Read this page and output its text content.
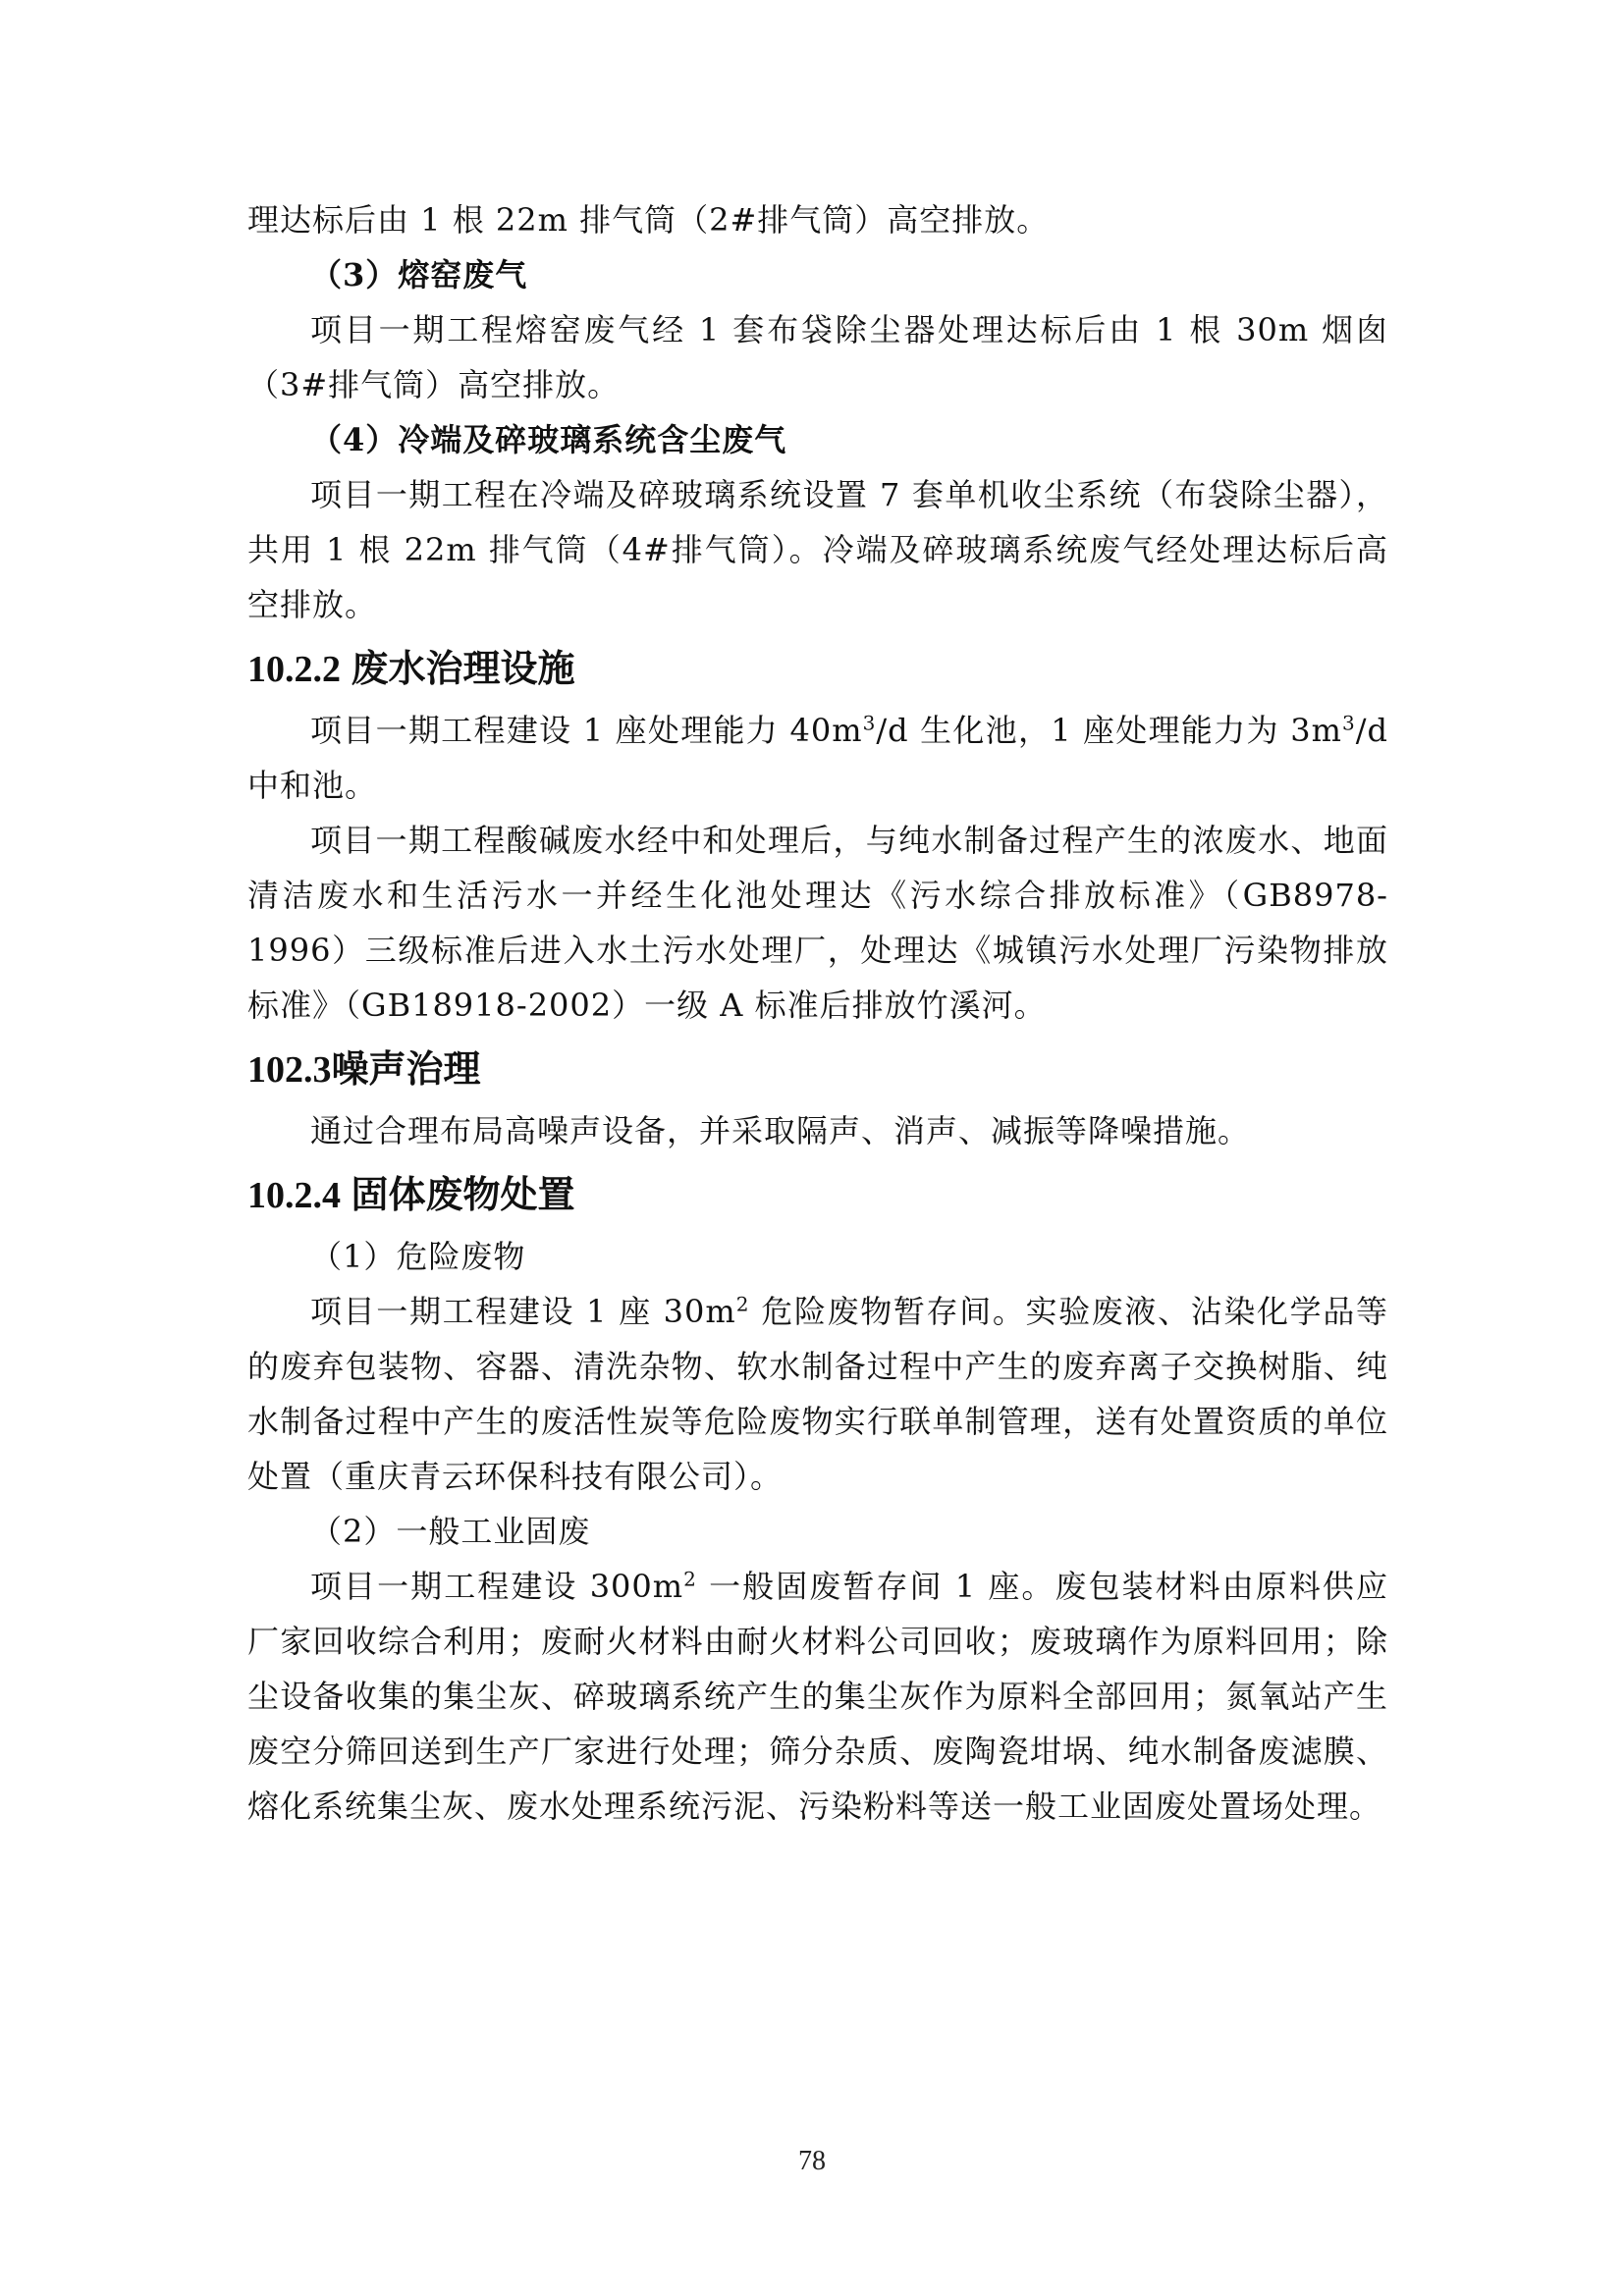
理达标后由 1 根 22m 排气筒（2#排气筒）高空排放。

（3）熔窑废气

项目一期工程熔窑废气经 1 套布袋除尘器处理达标后由 1 根 30m 烟囱（3#排气筒）高空排放。

（4）冷端及碎玻璃系统含尘废气

项目一期工程在冷端及碎玻璃系统设置 7 套单机收尘系统（布袋除尘器），共用 1 根 22m 排气筒（4#排气筒）。冷端及碎玻璃系统废气经处理达标后高空排放。

10.2.2 废水治理设施

项目一期工程建设 1 座处理能力 $40m^3/d$ 生化池，1 座处理能力为 $3m^3/d$ 中和池。

项目一期工程酸碱废水经中和处理后，与纯水制备过程产生的浓废水、地面清洁废水和生活污水一并经生化池处理达《污水综合排放标准》（GB8978-1996）三级标准后进入水土污水处理厂，处理达《城镇污水处理厂污染物排放标准》（GB18918-2002）一级 A 标准后排放竹溪河。

102.3噪声治理

通过合理布局高噪声设备，并采取隔声、消声、减振等降噪措施。

10.2.4 固体废物处置

（1）危险废物

项目一期工程建设 1 座 $30m^2$ 危险废物暂存间。实验废液、沾染化学品等的废弃包装物、容器、清洗杂物、软水制备过程中产生的废弃离子交换树脂、纯水制备过程中产生的废活性炭等危险废物实行联单制管理，送有处置资质的单位处置（重庆青云环保科技有限公司）。

（2）一般工业固废

项目一期工程建设 $300m^2$ 一般固废暂存间 1 座。废包装材料由原料供应厂家回收综合利用；废耐火材料由耐火材料公司回收；废玻璃作为原料回用；除尘设备收集的集尘灰、碎玻璃系统产生的集尘灰作为原料全部回用；氮氧站产生废空分筛回送到生产厂家进行处理；筛分杂质、废陶瓷坩埚、纯水制备废滤膜、熔化系统集尘灰、废水处理系统污泥、污染粉料等送一般工业固废处置场处理。

78
